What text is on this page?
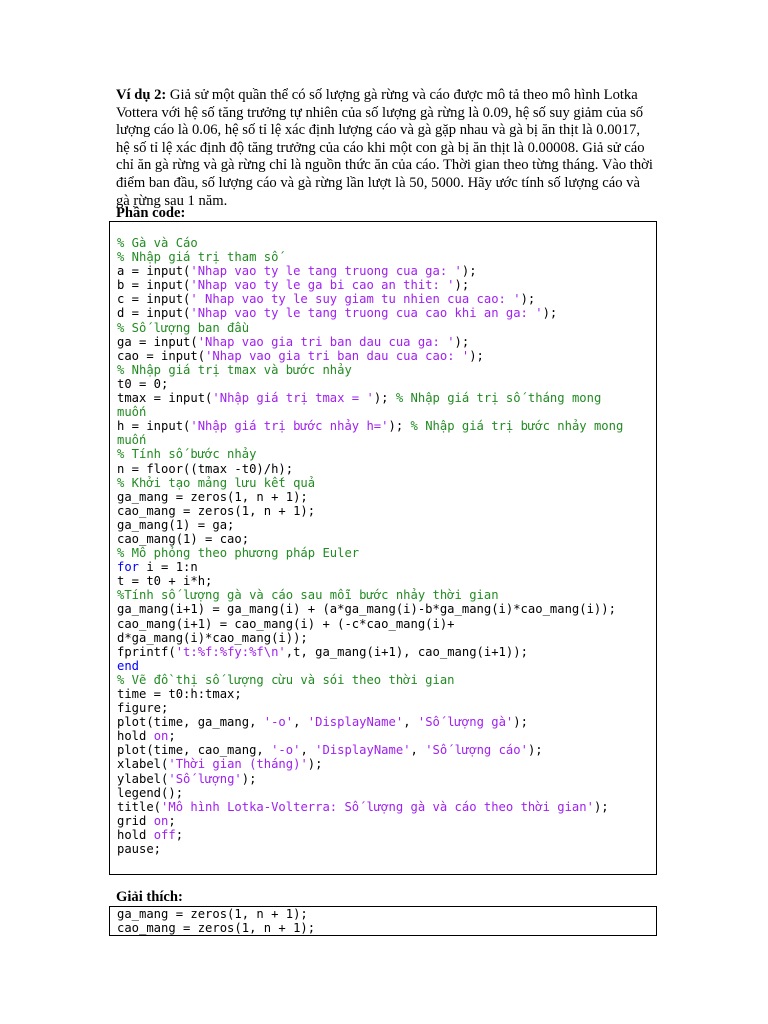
Ví dụ 2: Giả sử một quần thể có số lượng gà rừng và cáo được mô tả theo mô hình Lotka Vottera với hệ số tăng trưởng tự nhiên của số lượng gà rừng là 0.09, hệ số suy giảm của số lượng cáo là 0.06, hệ số tỉ lệ xác định lượng cáo và gà gặp nhau và gà bị ăn thịt là 0.0017, hệ số tỉ lệ xác định độ tăng trưởng của cáo khi một con gà bị ăn thịt là 0.00008. Giả sử cáo chỉ ăn gà rừng và gà rừng chỉ là nguồn thức ăn của cáo. Thời gian theo từng tháng. Vào thời điểm ban đầu, số lượng cáo và gà rừng lần lượt là 50, 5000. Hãy ước tính số lượng cáo và gà rừng sau 1 năm.
Phần code:
% Gà và Cáo
% Nhập giá trị tham số
a = input('Nhap vao ty le tang truong cua ga: ');
b = input('Nhap vao ty le ga bi cao an thit: ');
c = input(' Nhap vao ty le suy giam tu nhien cua cao: ');
d = input('Nhap vao ty le tang truong cua cao khi an ga: ');
% Số lượng ban đầu
ga = input('Nhap vao gia tri ban dau cua ga: ');
cao = input('Nhap vao gia tri ban dau cua cao: ');
% Nhập giá trị tmax và bước nhảy
t0 = 0;
tmax = input('Nhập giá trị tmax = '); % Nhập giá trị số tháng mong
muốn
h = input('Nhập giá trị bước nhảy h='); % Nhập giá trị bước nhảy mong
muốn
% Tính số bước nhảy
n = floor((tmax -t0)/h);
% Khởi tạo mảng lưu kết quả
ga_mang = zeros(1, n + 1);
cao_mang = zeros(1, n + 1);
ga_mang(1) = ga;
cao_mang(1) = cao;
% Mô phỏng theo phương pháp Euler
for i = 1:n
t = t0 + i*h;
%Tính số lượng gà và cáo sau mỗi bước nhảy thời gian
ga_mang(i+1) = ga_mang(i) + (a*ga_mang(i)-b*ga_mang(i)*cao_mang(i));
cao_mang(i+1) = cao_mang(i) + (-c*cao_mang(i)+
d*ga_mang(i)*cao_mang(i));
fprintf('t:%f:%fy:%f\n',t, ga_mang(i+1), cao_mang(i+1));
end
% Vẽ đồ thị số lượng cừu và sói theo thời gian
time = t0:h:tmax;
figure;
plot(time, ga_mang, '-o', 'DisplayName', 'Số lượng gà');
hold on;
plot(time, cao_mang, '-o', 'DisplayName', 'Số lượng cáo');
xlabel('Thời gian (tháng)');
ylabel('Số lượng');
legend();
title('Mô hình Lotka-Volterra: Số lượng gà và cáo theo thời gian');
grid on;
hold off;
pause;
Giải thích:
ga_mang = zeros(1, n + 1);
cao_mang = zeros(1, n + 1);
